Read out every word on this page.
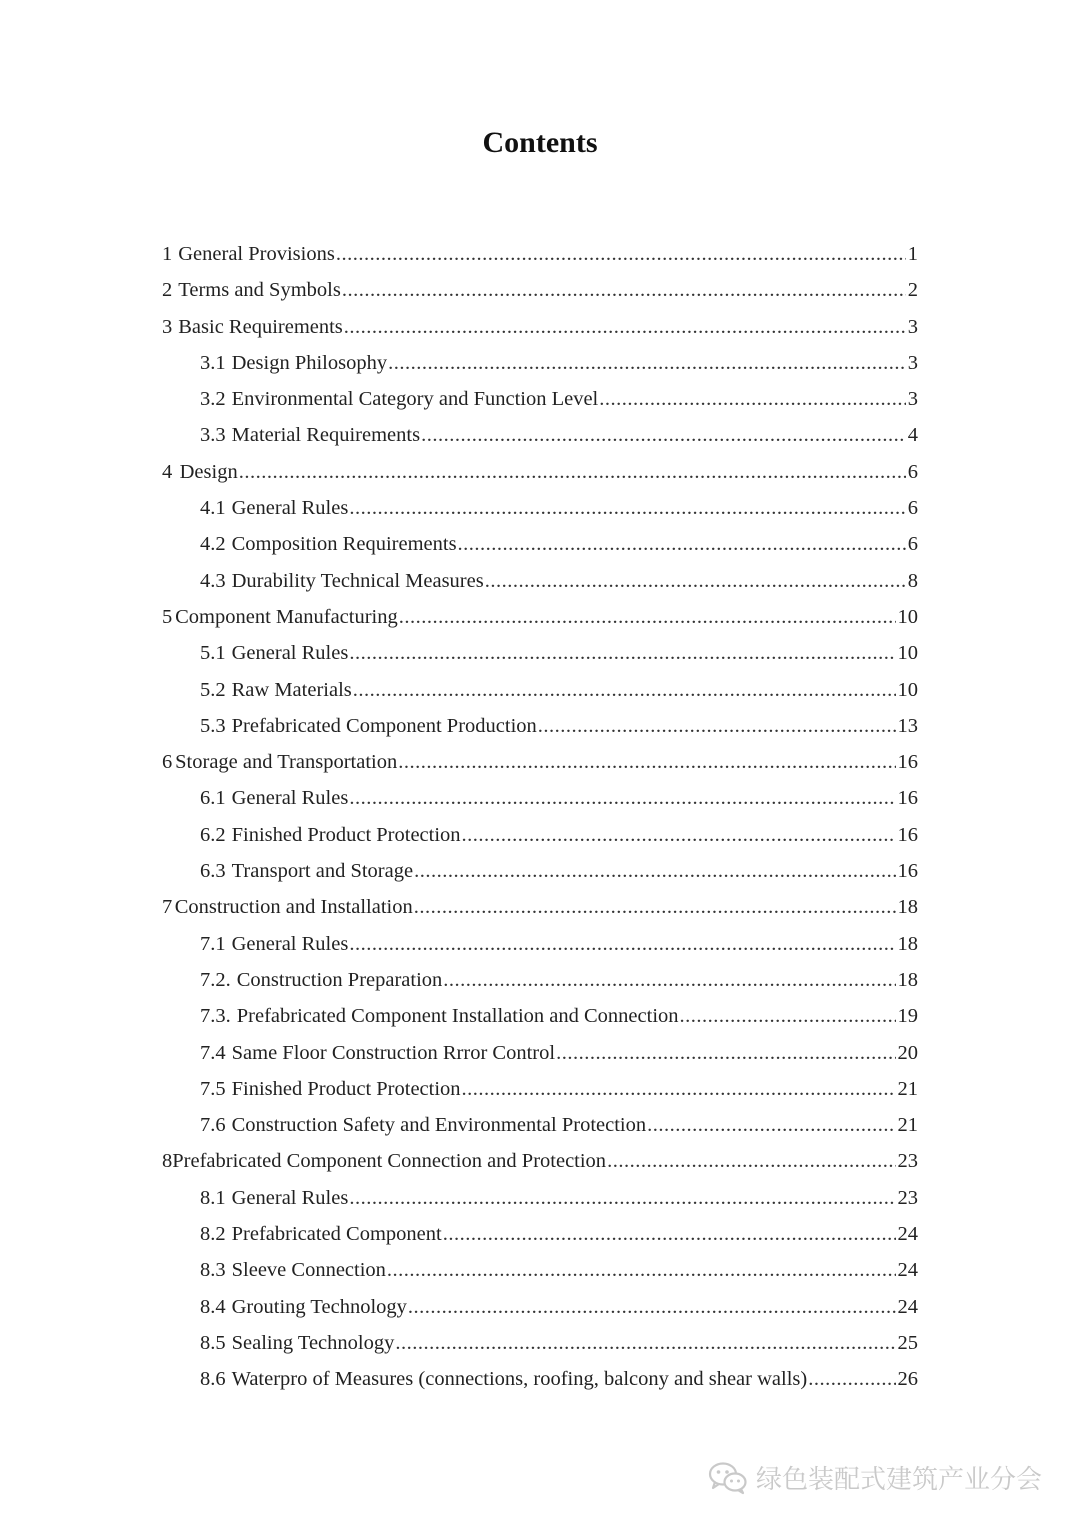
Contents
1 General Provisions .....	1
2 Terms and Symbols .....	2
3 Basic Requirements .....	3
3.1 Design Philosophy .....	3
3.2 Environmental Category and Function Level .....	3
3.3 Material Requirements .....	4
4 Design .....	6
4.1 General Rules .....	6
4.2 Composition Requirements .....	6
4.3 Durability Technical Measures .....	8
5 Component Manufacturing .....	10
5.1 General Rules .....	10
5.2 Raw Materials .....	10
5.3 Prefabricated Component Production .....	13
6 Storage and Transportation .....	16
6.1 General Rules .....	16
6.2 Finished Product Protection .....	16
6.3 Transport and Storage .....	16
7 Construction and Installation .....	18
7.1 General Rules .....	18
7.2. Construction Preparation .....	18
7.3. Prefabricated Component Installation and Connection .....	19
7.4 Same Floor Construction Rrror Control .....	20
7.5 Finished Product Protection .....	21
7.6 Construction Safety and Environmental Protection .....	21
8 Prefabricated Component Connection and Protection .....	23
8.1 General Rules .....	23
8.2 Prefabricated Component .....	24
8.3 Sleeve Connection .....	24
8.4 Grouting Technology .....	24
8.5 Sealing Technology .....	25
8.6 Waterpro of Measures (connections, roofing, balcony and shear walls) .....	26
绿色装配式建筑产业分会
